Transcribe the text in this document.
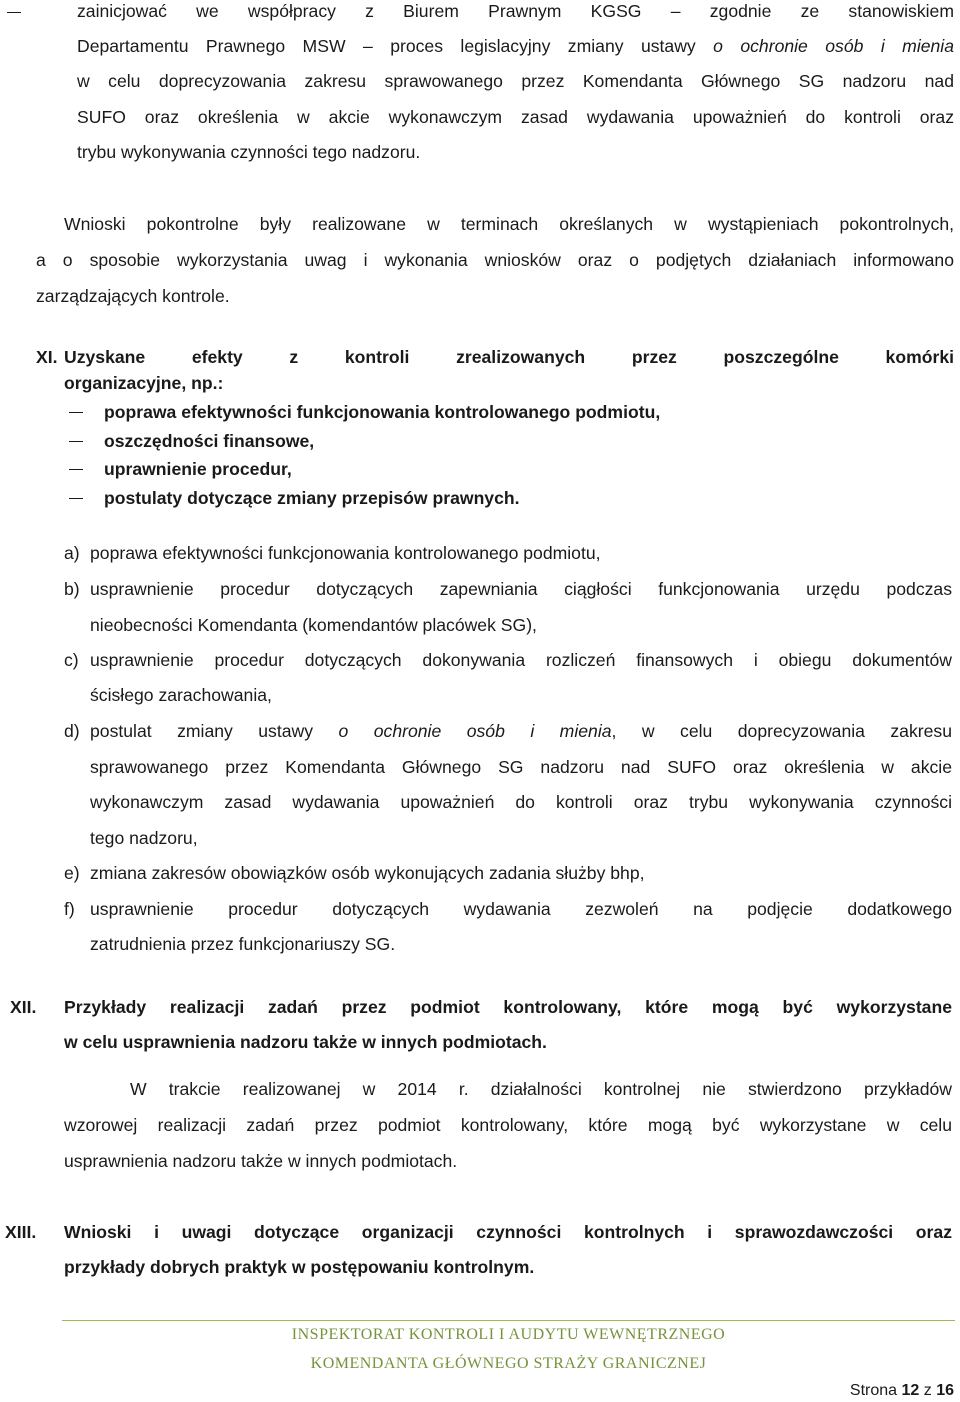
zainicjować we współpracy z Biurem Prawnym KGSG – zgodnie ze stanowiskiem
Departamentu Prawnego MSW – proces legislacyjny zmiany ustawy o ochronie osób i mienia
w celu doprecyzowania zakresu sprawowanego przez Komendanta Głównego SG nadzoru nad
SUFO oraz określenia w akcie wykonawczym zasad wydawania upoważnień do kontroli oraz
trybu wykonywania czynności tego nadzoru.
Wnioski pokontrolne były realizowane w terminach określanych w wystąpieniach pokontrolnych,
a o sposobie wykorzystania uwag i wykonania wniosków oraz o podjętych działaniach informowano
zarządzających kontrole.
XI. Uzyskane efekty z kontroli zrealizowanych przez poszczególne komórki
organizacyjne, np.:
poprawa efektywności funkcjonowania kontrolowanego podmiotu,
oszczędności finansowe,
uprawnienie procedur,
postulaty dotyczące zmiany przepisów prawnych.
a) poprawa efektywności funkcjonowania kontrolowanego podmiotu,
b) usprawnienie procedur dotyczących zapewniania ciągłości funkcjonowania urzędu podczas
nieobecności Komendanta (komendantów placówek SG),
c) usprawnienie procedur dotyczących dokonywania rozliczeń finansowych i obiegu dokumentów
ścisłego zarachowania,
d) postulat zmiany ustawy o ochronie osób i mienia, w celu doprecyzowania zakresu
sprawowanego przez Komendanta Głównego SG nadzoru nad SUFO oraz określenia w akcie
wykonawczym zasad wydawania upoważnień do kontroli oraz trybu wykonywania czynności
tego nadzoru,
e) zmiana zakresów obowiązków osób wykonujących zadania służby bhp,
f) usprawnienie procedur dotyczących wydawania zezwoleń na podjęcie dodatkowego
zatrudnienia przez funkcjonariuszy SG.
XII. Przykłady realizacji zadań przez podmiot kontrolowany, które mogą być wykorzystane
w celu usprawnienia nadzoru także w innych podmiotach.
W trakcie realizowanej w 2014 r. działalności kontrolnej nie stwierdzono przykładów
wzorowej realizacji zadań przez podmiot kontrolowany, które mogą być wykorzystane w celu
usprawnienia nadzoru także w innych podmiotach.
XIII. Wnioski i uwagi dotyczące organizacji czynności kontrolnych i sprawozdawczości oraz
przykłady dobrych praktyk w postępowaniu kontrolnym.
INSPEKTORAT KONTROLI I AUDYTU WEWNĘTRZNEGO
KOMENDANTA GŁÓWNEGO STRAŻY GRANICZNEJ
Strona 12 z 16
